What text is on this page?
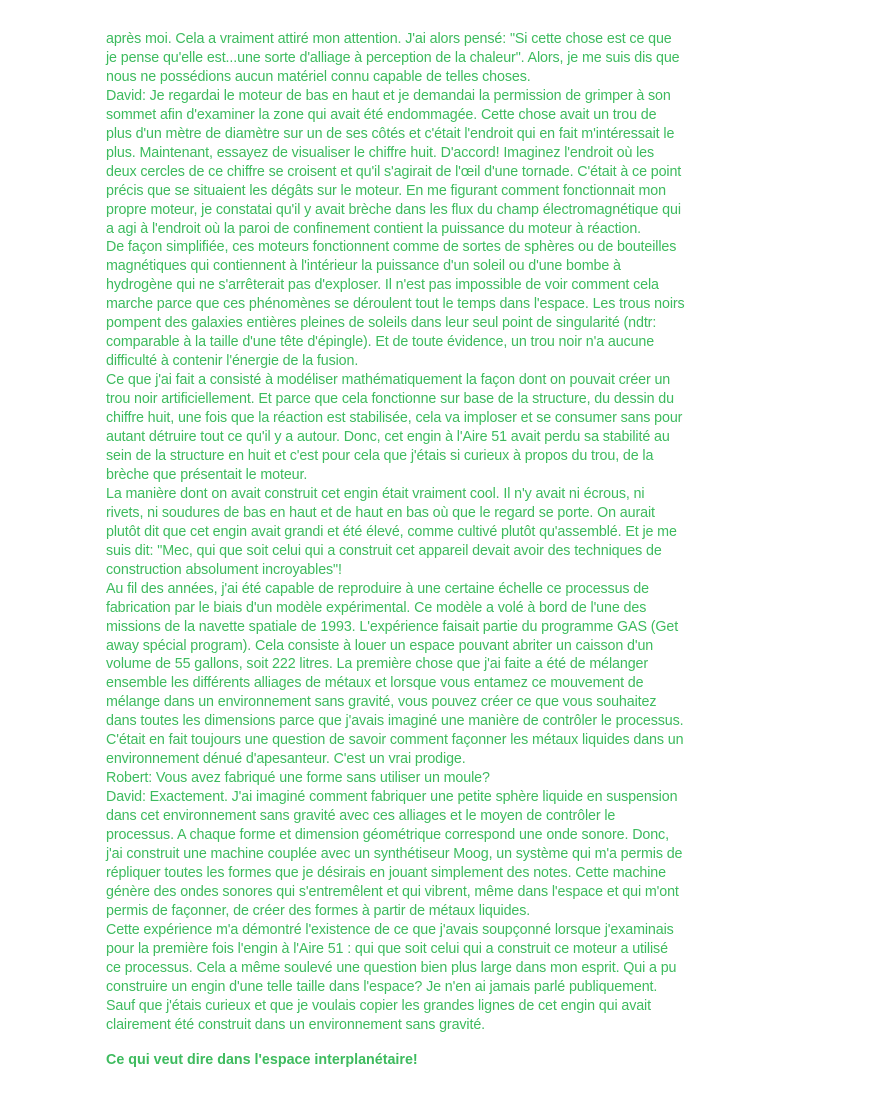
après moi. Cela a vraiment attiré mon attention. J'ai alors pensé: "Si cette chose est ce que

je pense qu'elle est...une sorte d'alliage à perception de la chaleur". Alors, je me suis dis que

nous ne possédions aucun matériel connu capable de telles choses.

David: Je regardai le moteur de bas en haut et je demandai la permission de grimper à son

sommet afin d'examiner la zone qui avait été endommagée. Cette chose avait un trou de

plus d'un mètre de diamètre sur un de ses côtés et c'était l'endroit qui en fait m'intéressait le

plus. Maintenant, essayez de visualiser le chiffre huit. D'accord! Imaginez l'endroit où les

deux cercles de ce chiffre se croisent et qu'il s'agirait de l'œil d'une tornade. C'était à ce point

précis que se situaient les dégâts sur le moteur. En me figurant comment fonctionnait mon

propre moteur, je constatai qu'il y avait brèche dans les flux du champ électromagnétique qui

a agi à l'endroit où la paroi de confinement contient la puissance du moteur à réaction.

De façon simplifiée, ces moteurs fonctionnent comme de sortes de sphères ou de bouteilles

magnétiques qui contiennent à l'intérieur la puissance d'un soleil ou d'une bombe à

hydrogène qui ne s'arrêterait pas d'exploser. Il n'est pas impossible de voir comment cela

marche parce que ces phénomènes se déroulent tout le temps dans l'espace. Les trous noirs

pompent des galaxies entières pleines de soleils dans leur seul point de singularité (ndtr:

comparable à la taille d'une tête d'épingle). Et de toute évidence, un trou noir n'a aucune

difficulté à contenir l'énergie de la fusion.

Ce que j'ai fait a consisté à modéliser mathématiquement la façon dont on pouvait créer un

trou noir artificiellement. Et parce que cela fonctionne sur base de la structure, du dessin du

chiffre huit, une fois que la réaction est stabilisée, cela va imploser et se consumer sans pour

autant détruire tout ce qu'il y a autour. Donc, cet engin à l'Aire 51 avait perdu sa stabilité au

sein de la structure en huit et c'est pour cela que j'étais si curieux à propos du trou, de la

brèche que présentait le moteur.

La manière dont on avait construit cet engin était vraiment cool. Il n'y avait ni écrous, ni

rivets, ni soudures de bas en haut et de haut en bas où que le regard se porte. On aurait

plutôt dit que cet engin avait grandi et été élevé, comme cultivé plutôt qu'assemblé. Et je me

suis dit: "Mec, qui que soit celui qui a construit cet appareil devait avoir des techniques de

construction absolument incroyables"!

Au fil des années, j'ai été capable de reproduire à une certaine échelle ce processus de

fabrication par le biais d'un modèle expérimental. Ce modèle a volé à bord de l'une des

missions de la navette spatiale de 1993. L'expérience faisait partie du programme GAS (Get

away spécial program). Cela consiste à louer un espace pouvant abriter un caisson d'un

volume de 55 gallons, soit 222 litres. La première chose que j'ai faite a été de mélanger

ensemble les différents alliages de métaux et lorsque vous entamez ce mouvement de

mélange dans un environnement sans gravité, vous pouvez créer ce que vous souhaitez

dans toutes les dimensions parce que j'avais imaginé une manière de contrôler le processus.

C'était en fait toujours une question de savoir comment façonner les métaux liquides dans un

environnement dénué d'apesanteur. C'est un vrai prodige.

Robert: Vous avez fabriqué une forme sans utiliser un moule?

David: Exactement. J'ai imaginé comment fabriquer une petite sphère liquide en suspension

dans cet environnement sans gravité avec ces alliages et le moyen de contrôler le

processus. A chaque forme et dimension géométrique correspond une onde sonore. Donc,

j'ai construit une machine couplée avec un synthétiseur Moog, un système qui m'a permis de

répliquer toutes les formes que je désirais en jouant simplement des notes. Cette machine

génère des ondes sonores qui s'entremêlent et qui vibrent, même dans l'espace et qui m'ont

permis de façonner, de créer des formes à partir de métaux liquides.

Cette expérience m'a démontré l'existence de ce que j'avais soupçonné lorsque j'examinais

pour la première fois l'engin à l'Aire 51 : qui que soit celui qui a construit ce moteur a utilisé

ce processus. Cela a même soulevé une question bien plus large dans mon esprit. Qui a pu

construire un engin d'une telle taille dans l'espace? Je n'en ai jamais parlé publiquement.

Sauf que j'étais curieux et que je voulais copier les grandes lignes de cet engin qui avait

clairement été construit dans un environnement sans gravité.

Ce qui veut dire dans l'espace interplanétaire!
